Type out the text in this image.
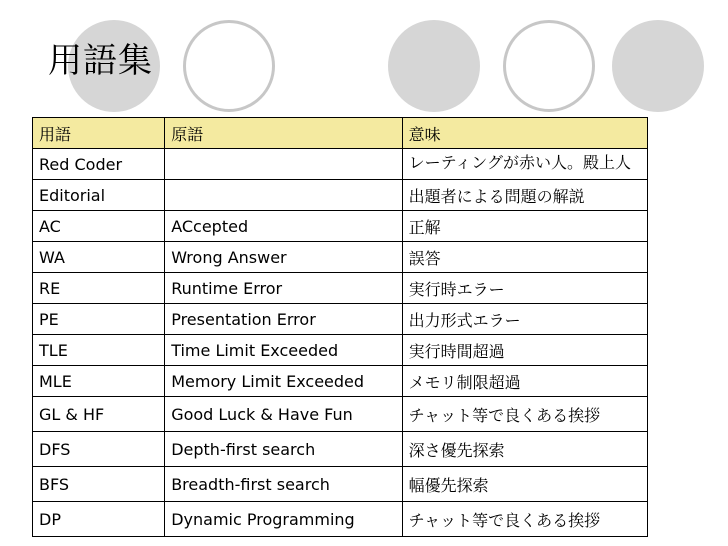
用語集
用語	原語	意味
Red Coder		レーティングが赤い人。殿上人

Editorial		出題者による問題の解説
AC	ACcepted	正解
WA	Wrong Answer	誤答
RE	Runtime Error	実行時エラー
PE	Presentation Error	出力形式エラー
TLE	Time Limit Exceeded	実行時間超過
MLE	Memory Limit Exceeded	メモリ制限超過
GL & HF	Good Luck & Have Fun	チャット等で良くある挨拶
DFS	Depth-first search	深さ優先探索
BFS	Breadth-first search	幅優先探索
DP	Dynamic Programming	チャット等で良くある挨拶
